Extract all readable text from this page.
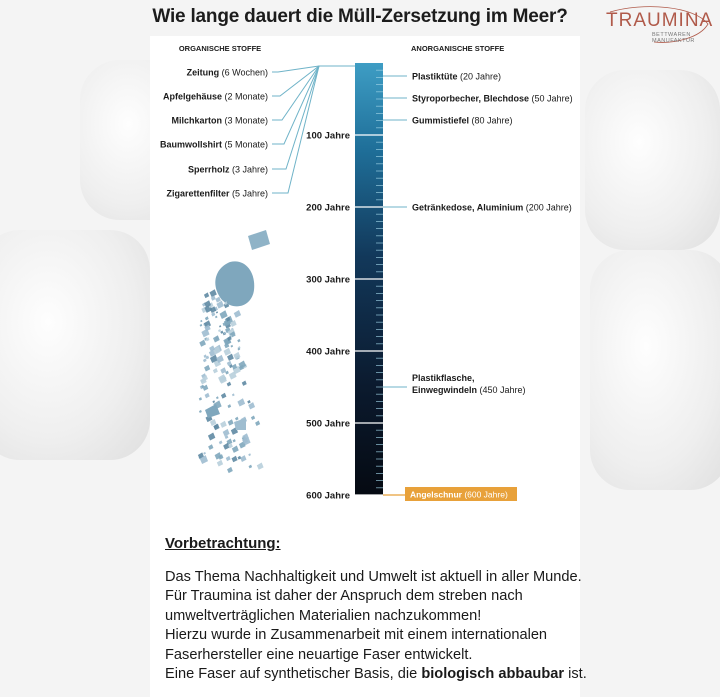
Wie lange dauert die Müll-Zersetzung im Meer?	TRAUMINA
BETTWAREN
MANUFAKTUR
100 Jahre
200 Jahre
300 Jahre
400 Jahre
500 Jahre
600 Jahre
ORGANISCHE STOFFE	ANORGANISCHE STOFFE
Zeitung (6 Wochen)
Apfelgehäuse (2 Monate)
Milchkarton (3 Monate)
Baumwollshirt (5 Monate)
Sperrholz (3 Jahre)
Zigarettenfilter (5 Jahre)
Plastiktüte (20 Jahre)
Styroporbecher, Blechdose (50 Jahre)
Gummistiefel (80 Jahre)
Getränkedose, Aluminium (200 Jahre)
Plastikflasche,
Einwegwindeln (450 Jahre)
Angelschnur (600 Jahre)
Vorbetrachtung:
Das Thema Nachhaltigkeit und Umwelt ist aktuell in aller Munde.
Für Traumina ist daher der Anspruch dem streben nach
umweltverträglichen Materialien nachzukommen!
Hierzu wurde in Zusammenarbeit mit einem internationalen
Faserhersteller eine neuartige Faser entwickelt.
Eine Faser auf synthetischer Basis, die biologisch abbaubar ist.
